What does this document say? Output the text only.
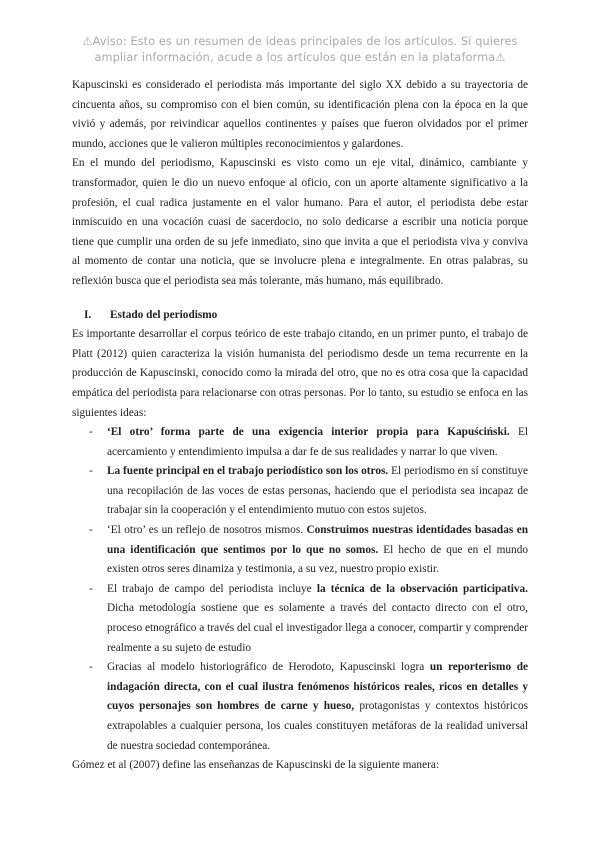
⚠Aviso: Esto es un resumen de ideas principales de los artículos. Si quieres ampliar información, acude a los artículos que están en la plataforma⚠

Kapuscinski es considerado el periodista más importante del siglo XX debido a su trayectoria de cincuenta años, su compromiso con el bien común, su identificación plena con la época en la que vivió y además, por reivindicar aquellos continentes y países que fueron olvidados por el primer mundo, acciones que le valieron múltiples reconocimientos y galardones.

En el mundo del periodismo, Kapuscinski es visto como un eje vital, dinámico, cambiante y transformador, quien le dio un nuevo enfoque al oficio, con un aporte altamente significativo a la profesión, el cual radica justamente en el valor humano. Para el autor, el periodista debe estar inmiscuido en una vocación cuasi de sacerdocio, no solo dedicarse a escribir una noticia porque tiene que cumplir una orden de su jefe inmediato, sino que invita a que el periodista viva y conviva al momento de contar una noticia, que se involucre plena e integralmente. En otras palabras, su reflexión busca que el periodista sea más tolerante, más humano, más equilibrado.

I. Estado del periodismo

Es importante desarrollar el corpus teórico de este trabajo citando, en un primer punto, el trabajo de Platt (2012) quien caracteriza la visión humanista del periodismo desde un tema recurrente en la producción de Kapuscinski, conocido como la mirada del otro, que no es otra cosa que la capacidad empática del periodista para relacionarse con otras personas. Por lo tanto, su estudio se enfoca en las siguientes ideas:

- ‘El otro’ forma parte de una exigencia interior propia para Kapuściński. El acercamiento y entendimiento impulsa a dar fe de sus realidades y narrar lo que viven.
- La fuente principal en el trabajo periodístico son los otros. El periodismo en sí constituye una recopilación de las voces de estas personas, haciendo que el periodista sea incapaz de trabajar sin la cooperación y el entendimiento mutuo con estos sujetos.
- ‘El otro’ es un reflejo de nosotros mismos. Construimos nuestras identidades basadas en una identificación que sentimos por lo que no somos. El hecho de que en el mundo existen otros seres dinamiza y testimonia, a su vez, nuestro propio existir.
- El trabajo de campo del periodista incluye la técnica de la observación participativa. Dicha metodología sostiene que es solamente a través del contacto directo con el otro, proceso etnográfico a través del cual el investigador llega a conocer, compartir y comprender realmente a su sujeto de estudio
- Gracias al modelo historiográfico de Herodoto, Kapuscinski logra un reporterismo de indagación directa, con el cual ilustra fenómenos históricos reales, ricos en detalles y cuyos personajes son hombres de carne y hueso, protagonistas y contextos históricos extrapolables a cualquier persona, los cuales constituyen metáforas de la realidad universal de nuestra sociedad contemporánea.

Gómez et al (2007) define las enseñanzas de Kapuscinski de la siguiente manera:
